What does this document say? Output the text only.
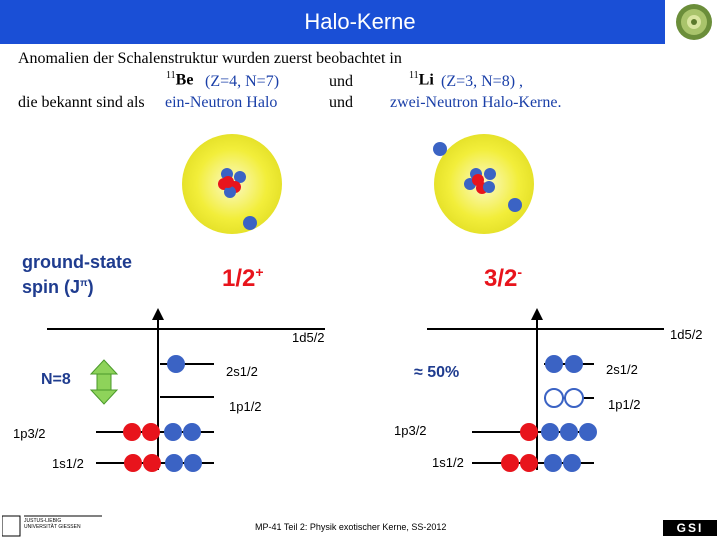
Halo-Kerne
Anomalien der Schalenstruktur wurden zuerst beobachtet in
$^{11}$Be (Z=4, N=7)	und	$^{11}$Li (Z=3, N=8) ,
die bekannt sind als ein-Neutron Halo	und zwei-Neutron Halo-Kerne.
ground-state
spin $(J^\pi)$	1/2+	3/2-
1d5/2
2s1/2
1p1/2
1p3/2
1s1/2
N=8
1d5/2
2s1/2
1p1/2
1p3/2
1s1/2
≈ 50%
JUSTUS-LIEBIG UNIVERSITÄT GIESSEN	MP-41 Teil 2: Physik exotischer Kerne, SS-2012	GSI
